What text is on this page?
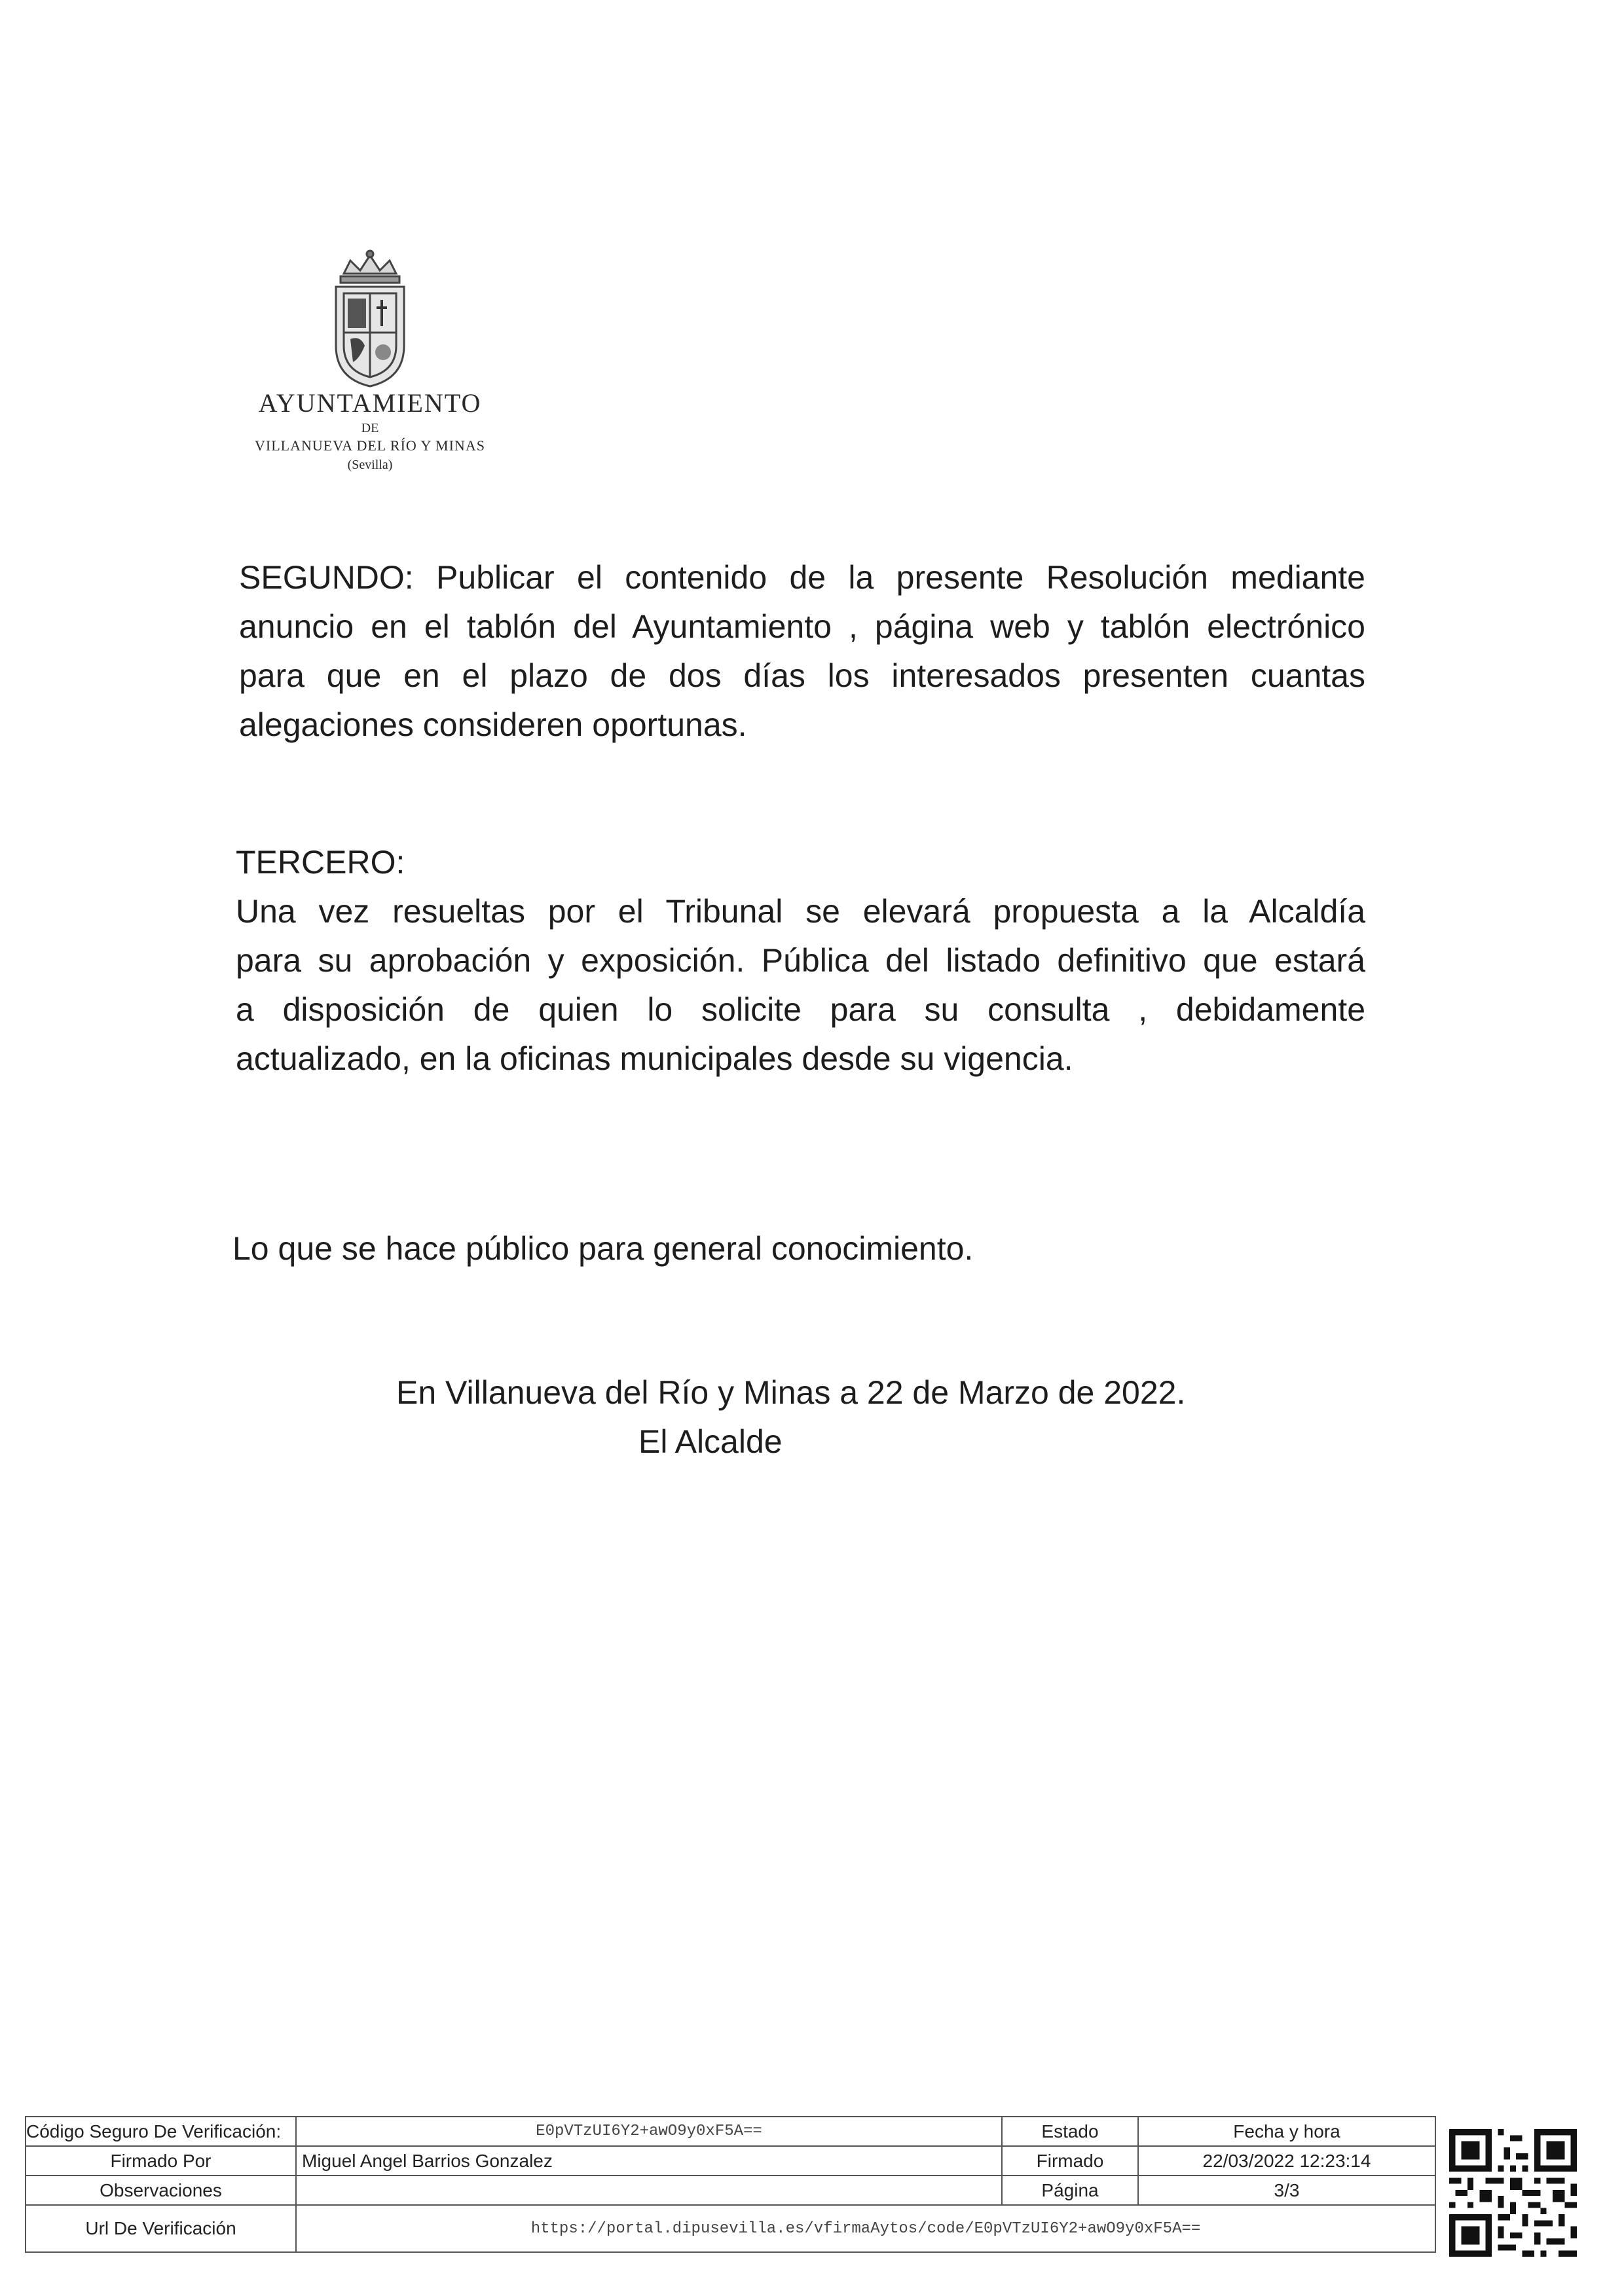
AYUNTAMIENTO
DE
VILLANUEVA DEL RÍO Y MINAS
(Sevilla)
SEGUNDO: Publicar el contenido de la presente Resolución mediante
anuncio en el tablón del Ayuntamiento , página web y tablón electrónico
para que en el plazo de dos días los interesados presenten cuantas
alegaciones consideren oportunas.
TERCERO:
Una vez resueltas por el Tribunal se elevará propuesta a la Alcaldía
para su aprobación y exposición. Pública del listado definitivo que estará
a disposición de quien lo solicite para su consulta , debidamente
actualizado, en la oficinas municipales desde su vigencia.
Lo que se hace público para general conocimiento.
En Villanueva del Río y Minas a 22 de Marzo de 2022.
El Alcalde
Código Seguro De Verificación:	E0pVTzUI6Y2+awO9y0xF5A==	Estado	Fecha y hora
Firmado Por	Miguel Angel Barrios Gonzalez	Firmado	22/03/2022 12:23:14
Observaciones		Página	3/3
Url De Verificación	https://portal.dipusevilla.es/vfirmaAytos/code/E0pVTzUI6Y2+awO9y0xF5A==		
